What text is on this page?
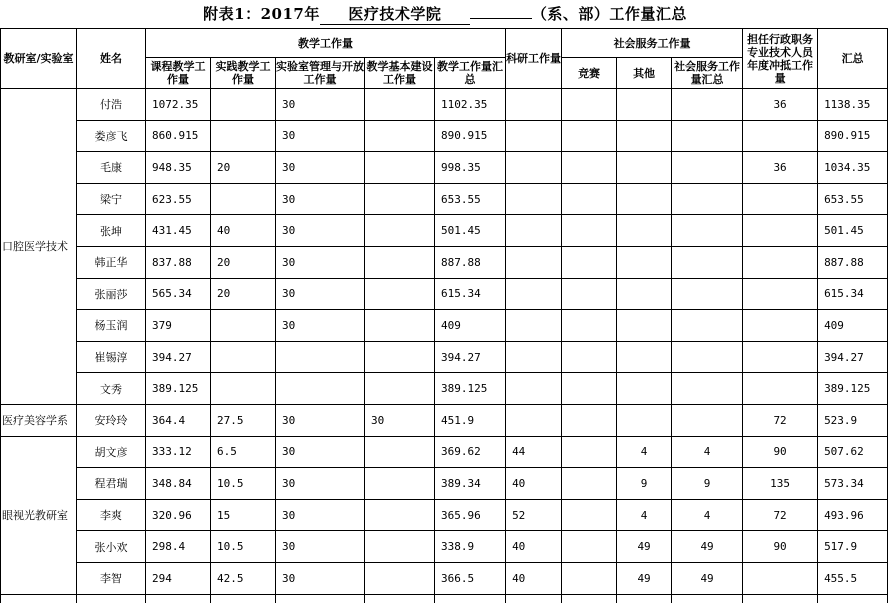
附表1：2017年 医疗技术学院	（系、部）工作量汇总
教研室/实验室	姓名	教学工作量					科研工作量	社会服务工作量			担任行政职务专业技术人员年度冲抵工作量	汇总
		课程教学工作量	实践教学工作量	实验室管理与开放工作量	教学基本建设工作量	教学工作量汇总		竞赛	其他	社会服务工作量汇总		
口腔医学技术	付浩	1072.35		30		1102.35					36	1138.35
	娄彦飞	860.915		30		890.915						890.915
	毛康	948.35	20	30		998.35					36	1034.35
	梁宁	623.55		30		653.55						653.55
	张坤	431.45	40	30		501.45						501.45
	韩正华	837.88	20	30		887.88						887.88
	张丽莎	565.34	20	30		615.34						615.34
	杨玉润	379		30		409						409
	崔锡淳	394.27				394.27						394.27
	文秀	389.125				389.125						389.125
医疗美容学系	安玲玲	364.4	27.5	30	30	451.9					72	523.9
眼视光教研室	胡文彦	333.12	6.5	30		369.62	44		4	4	90	507.62
	程君瑞	348.84	10.5	30		389.34	40		9	9	135	573.34
	李爽	320.96	15	30		365.96	52		4	4	72	493.96
	张小欢	298.4	10.5	30		338.9	40		49	49	90	517.9
	李智	294	42.5	30		366.5	40		49	49		455.5
